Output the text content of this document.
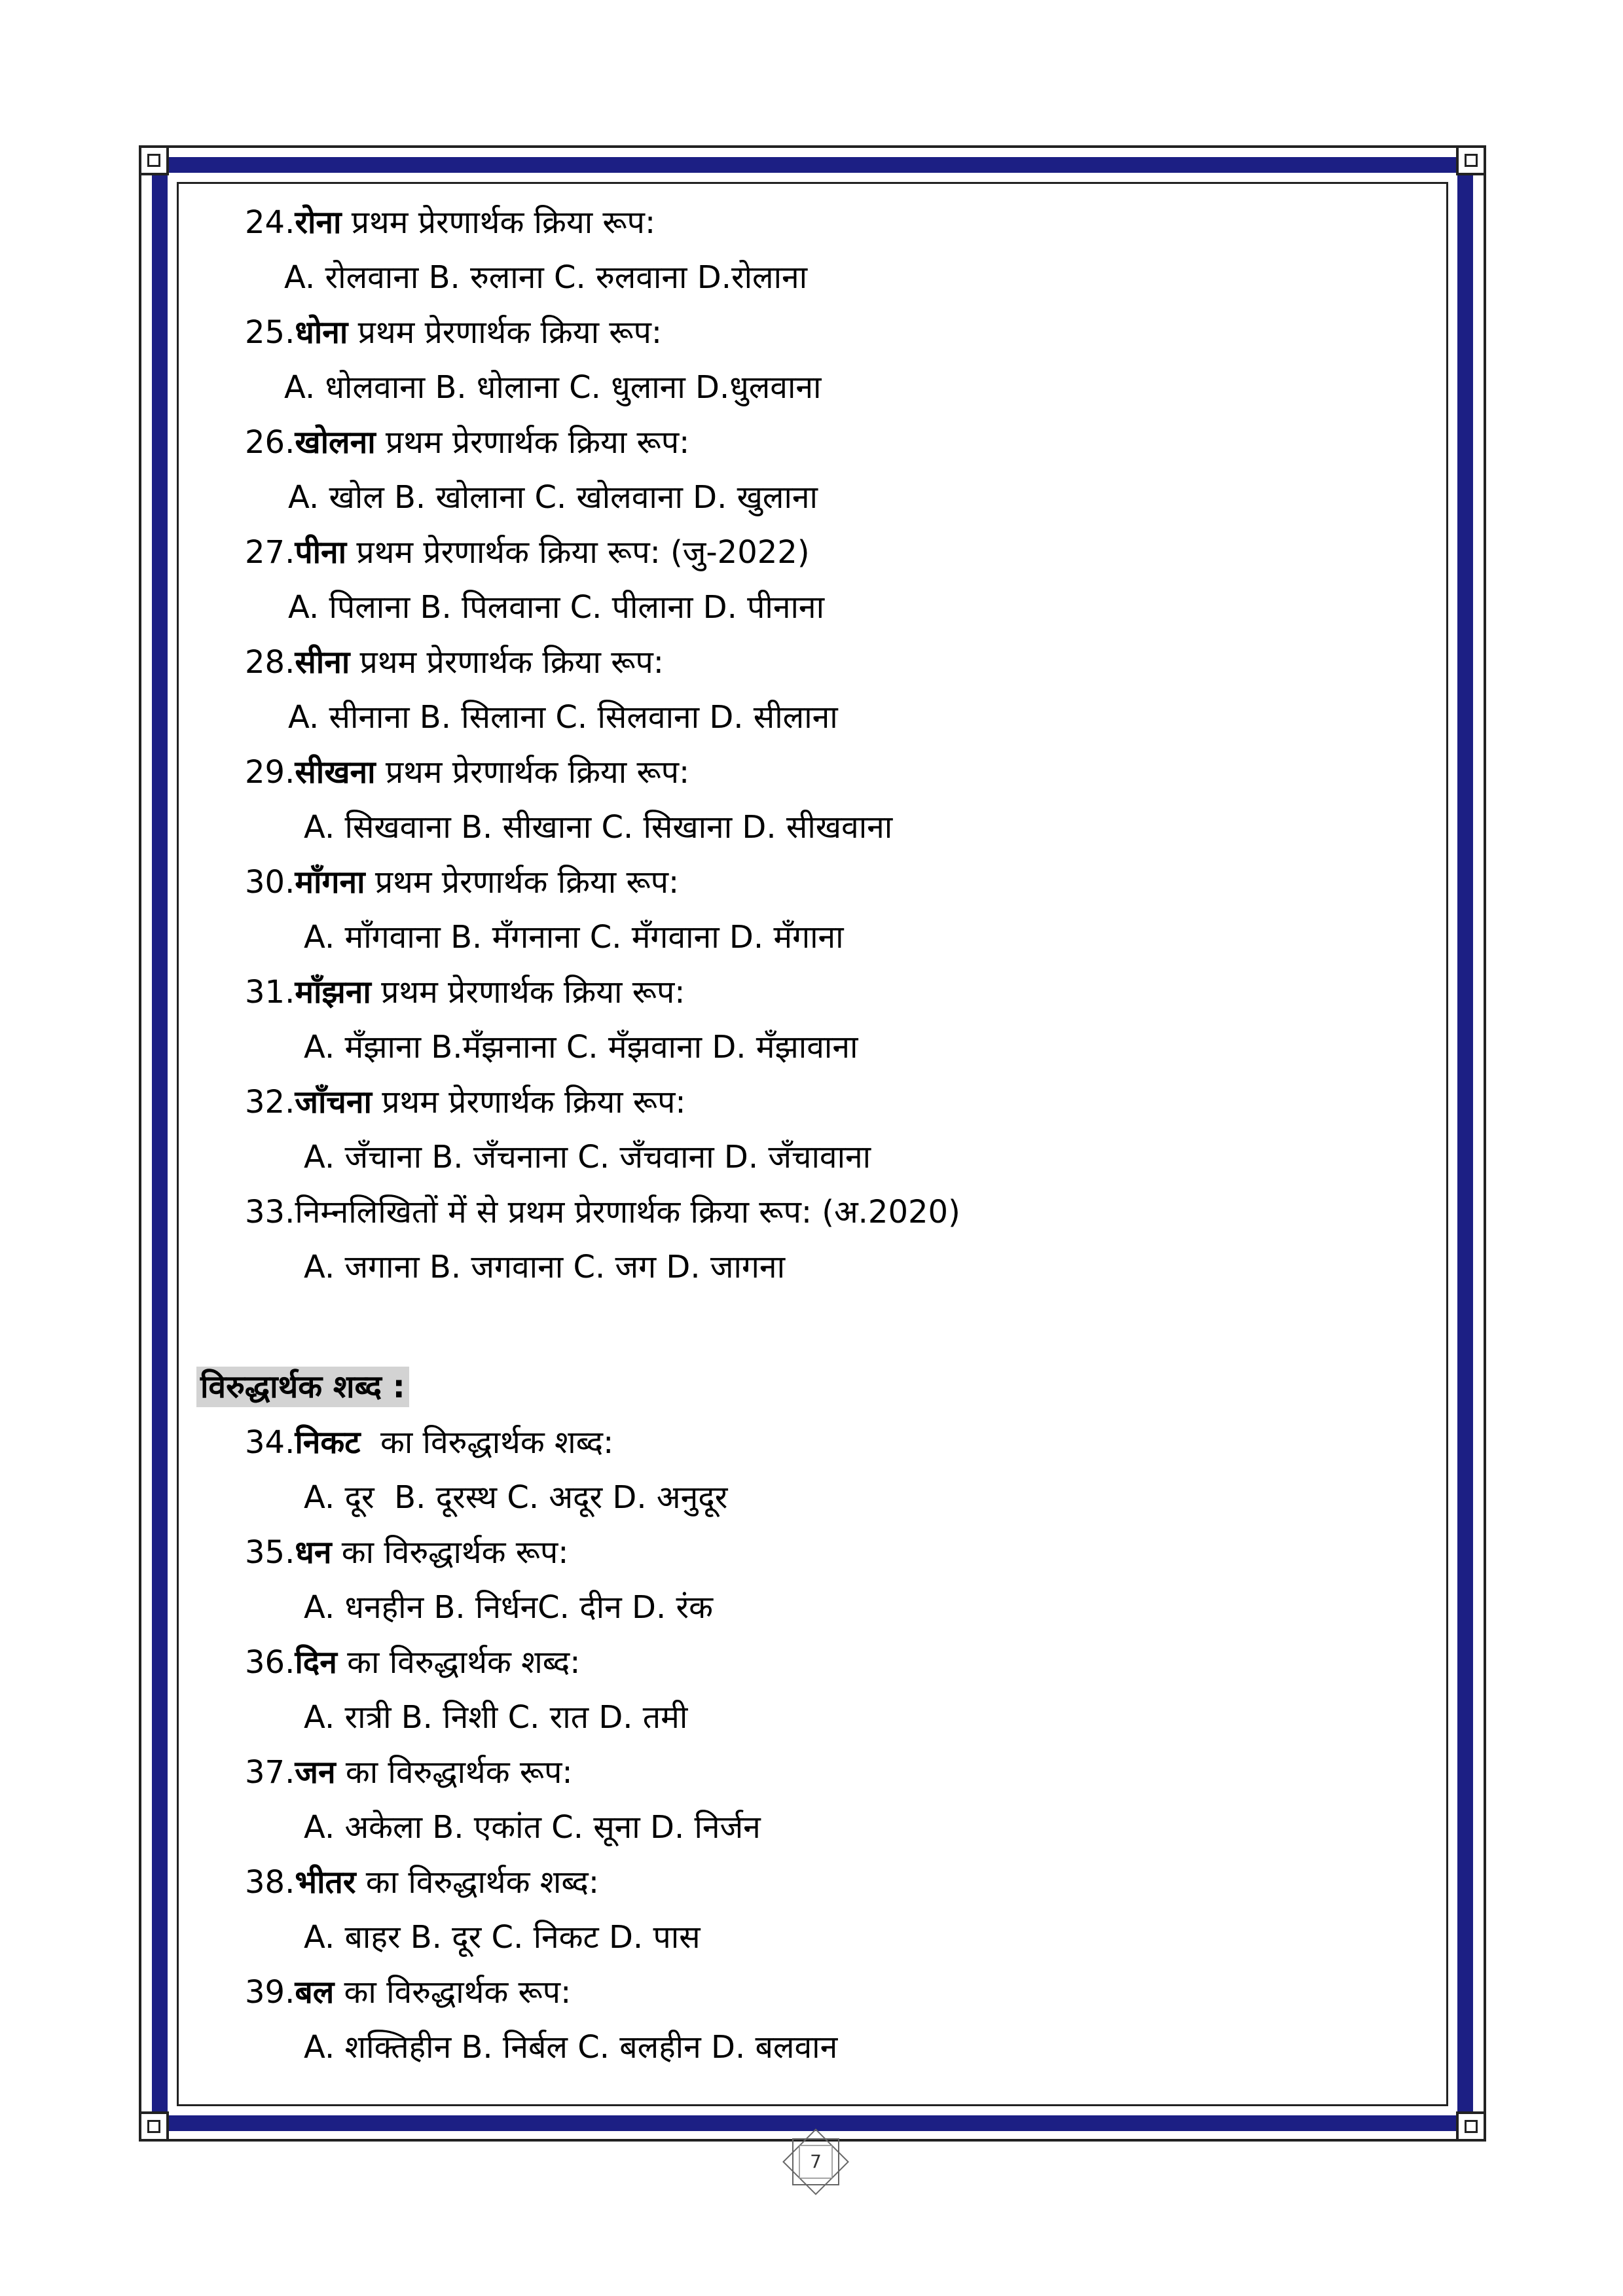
24.रोना प्रथम प्रेरणार्थक क्रिया रूप:
A. रोलवाना B. रुलाना C. रुलवाना D.रोलाना
25.धोना प्रथम प्रेरणार्थक क्रिया रूप:
A. धोलवाना B. धोलाना C. धुलाना D.धुलवाना
26.खोलना प्रथम प्रेरणार्थक क्रिया रूप:
A. खोल B. खोलाना C. खोलवाना D. खुलाना
27.पीना प्रथम प्रेरणार्थक क्रिया रूप: (जु-2022)
A. पिलाना B. पिलवाना C. पीलाना D. पीनाना
28.सीना प्रथम प्रेरणार्थक क्रिया रूप:
A. सीनाना B. सिलाना C. सिलवाना D. सीलाना
29.सीखना प्रथम प्रेरणार्थक क्रिया रूप:
A. सिखवाना B. सीखाना C. सिखाना D. सीखवाना
30.माँगना प्रथम प्रेरणार्थक क्रिया रूप:
A. माँगवाना B. मँगनाना C. मँगवाना D. मँगाना
31.माँझना प्रथम प्रेरणार्थक क्रिया रूप:
A. मँझाना B.मँझनाना C. मँझवाना D. मँझावाना
32.जाँचना प्रथम प्रेरणार्थक क्रिया रूप:
A. जँचाना B. जँचनाना C. जँचवाना D. जँचावाना
33.निम्नलिखितों में से प्रथम प्रेरणार्थक क्रिया रूप: (अ.2020)
A. जगाना B. जगवाना C. जग D. जागना
विरुद्धार्थक शब्द :
34.निकट  का विरुद्धार्थक शब्द:
A. दूर  B. दूरस्थ C. अदूर D. अनुदूर
35.धन का विरुद्धार्थक रूप:
A. धनहीन B. निर्धनC. दीन D. रंक
36.दिन का विरुद्धार्थक शब्द:
A. रात्री B. निशी C. रात D. तमी
37.जन का विरुद्धार्थक रूप:
A. अकेला B. एकांत C. सूना D. निर्जन
38.भीतर का विरुद्धार्थक शब्द:
A. बाहर B. दूर C. निकट D. पास
39.बल का विरुद्धार्थक रूप:
A. शक्तिहीन B. निर्बल C. बलहीन D. बलवान
7
